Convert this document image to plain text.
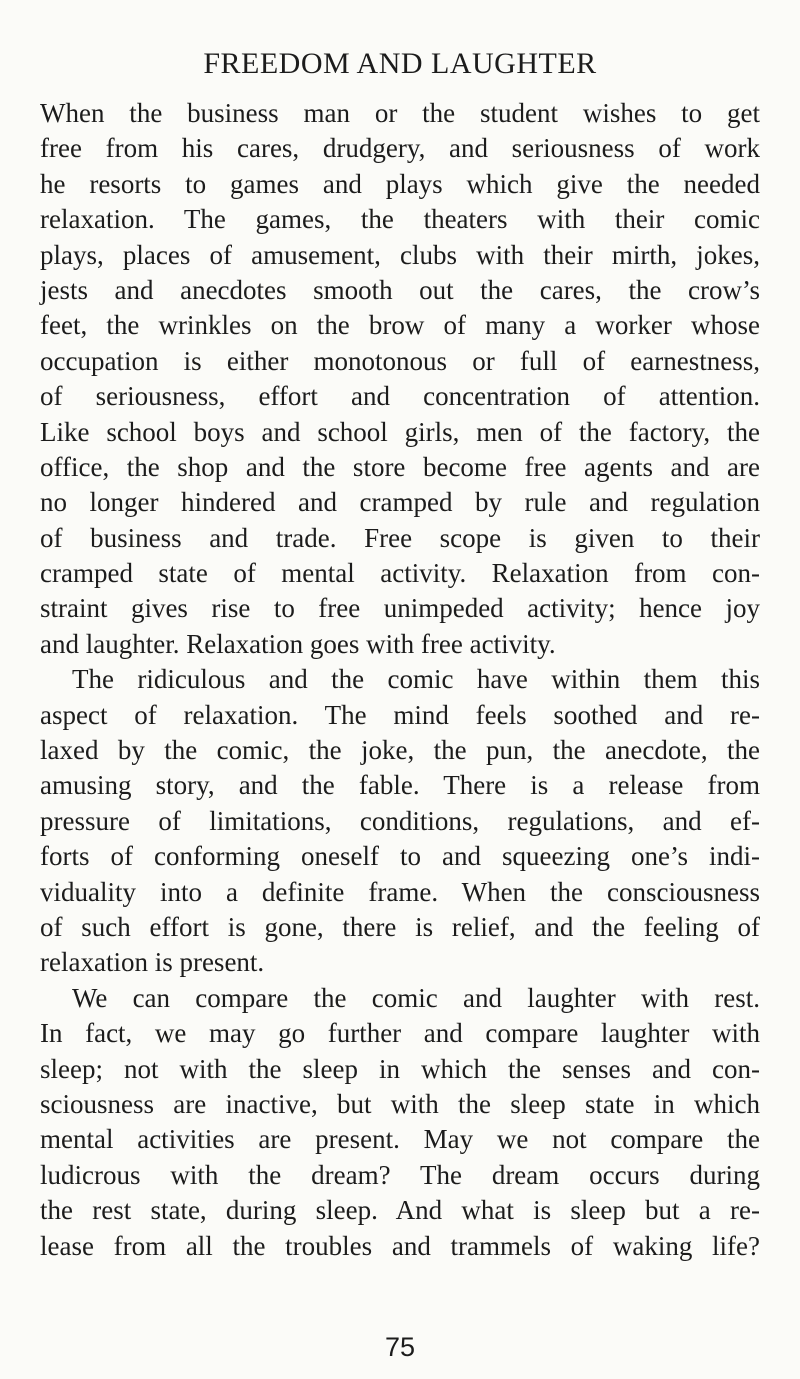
FREEDOM AND LAUGHTER
When the business man or the student wishes to get
free from his cares, drudgery, and seriousness of work
he resorts to games and plays which give the needed
relaxation. The games, the theaters with their comic
plays, places of amusement, clubs with their mirth, jokes,
jests and anecdotes smooth out the cares, the crow’s
feet, the wrinkles on the brow of many a worker whose
occupation is either monotonous or full of earnestness,
of seriousness, effort and concentration of attention.
Like school boys and school girls, men of the factory, the
office, the shop and the store become free agents and are
no longer hindered and cramped by rule and regulation
of business and trade. Free scope is given to their
cramped state of mental activity. Relaxation from con-
straint gives rise to free unimpeded activity; hence joy
and laughter. Relaxation goes with free activity.
The ridiculous and the comic have within them this
aspect of relaxation. The mind feels soothed and re-
laxed by the comic, the joke, the pun, the anecdote, the
amusing story, and the fable. There is a release from
pressure of limitations, conditions, regulations, and ef-
forts of conforming oneself to and squeezing one’s indi-
viduality into a definite frame. When the consciousness
of such effort is gone, there is relief, and the feeling of
relaxation is present.
We can compare the comic and laughter with rest.
In fact, we may go further and compare laughter with
sleep; not with the sleep in which the senses and con-
sciousness are inactive, but with the sleep state in which
mental activities are present. May we not compare the
ludicrous with the dream? The dream occurs during
the rest state, during sleep. And what is sleep but a re-
lease from all the troubles and trammels of waking life?
75
